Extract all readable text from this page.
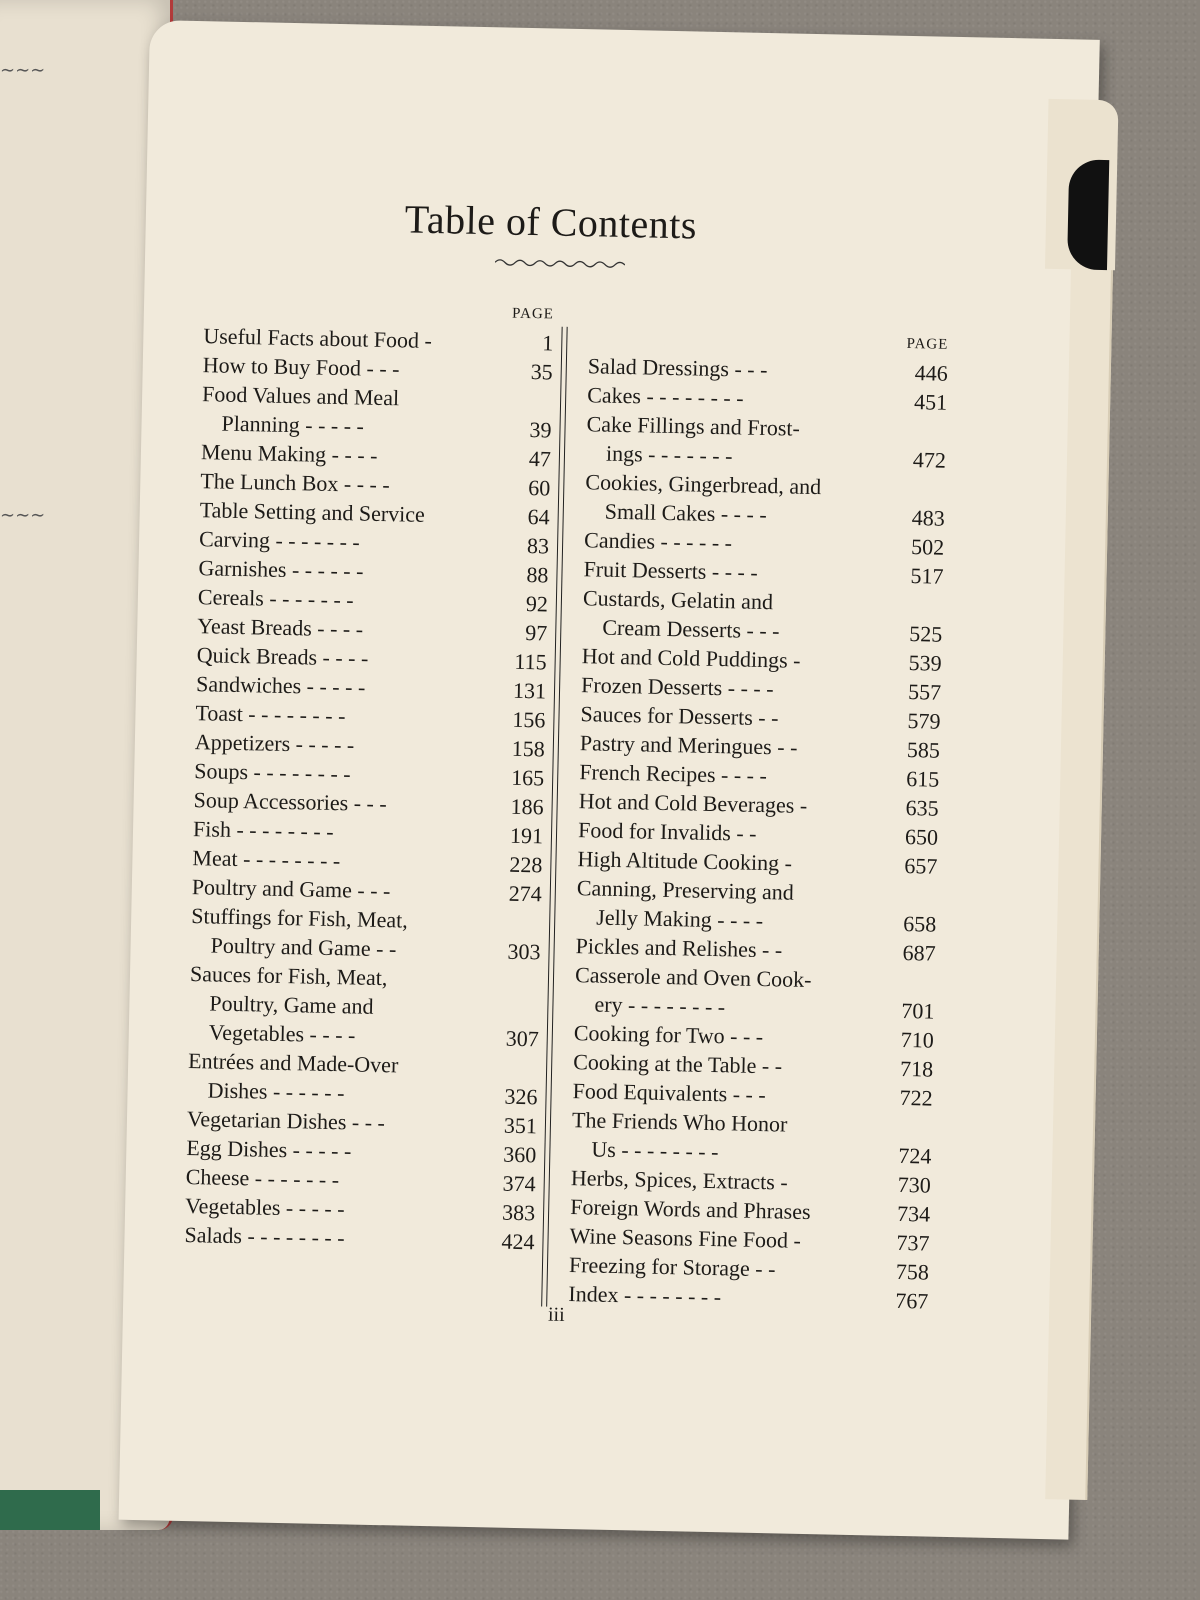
∼∼∼
∼∼∼
Table of Contents
PAGE
Useful Facts about Food -	1
How to Buy Food - - -	35
Food Values and Meal
Planning - - - - -	39
Menu Making - - - -	47
The Lunch Box - - - -	60
Table Setting and Service	64
Carving - - - - - - -	83
Garnishes - - - - - -	88
Cereals - - - - - - -	92
Yeast Breads - - - -	97
Quick Breads - - - -	115
Sandwiches - - - - -	131
Toast - - - - - - - -	156
Appetizers - - - - -	158
Soups - - - - - - - -	165
Soup Accessories - - -	186
Fish - - - - - - - -	191
Meat - - - - - - - -	228
Poultry and Game - - -	274
Stuffings for Fish, Meat,
Poultry and Game - -	303
Sauces for Fish, Meat,
Poultry, Game and
Vegetables - - - -	307
Entrées and Made-Over
Dishes - - - - - -	326
Vegetarian Dishes - - -	351
Egg Dishes - - - - -	360
Cheese - - - - - - -	374
Vegetables - - - - -	383
Salads - - - - - - - -	424
PAGE
Salad Dressings - - -	446
Cakes - - - - - - - -	451
Cake Fillings and Frost-
ings - - - - - - -	472
Cookies, Gingerbread, and
Small Cakes - - - -	483
Candies - - - - - -	502
Fruit Desserts - - - -	517
Custards, Gelatin and
Cream Desserts - - -	525
Hot and Cold Puddings -	539
Frozen Desserts - - - -	557
Sauces for Desserts - -	579
Pastry and Meringues - -	585
French Recipes - - - -	615
Hot and Cold Beverages -	635
Food for Invalids - -	650
High Altitude Cooking -	657
Canning, Preserving and
Jelly Making - - - -	658
Pickles and Relishes - -	687
Casserole and Oven Cook-
ery - - - - - - - -	701
Cooking for Two - - -	710
Cooking at the Table - -	718
Food Equivalents - - -	722
The Friends Who Honor
Us - - - - - - - -	724
Herbs, Spices, Extracts -	730
Foreign Words and Phrases	734
Wine Seasons Fine Food -	737
Freezing for Storage - -	758
Index - - - - - - - -	767
iii
